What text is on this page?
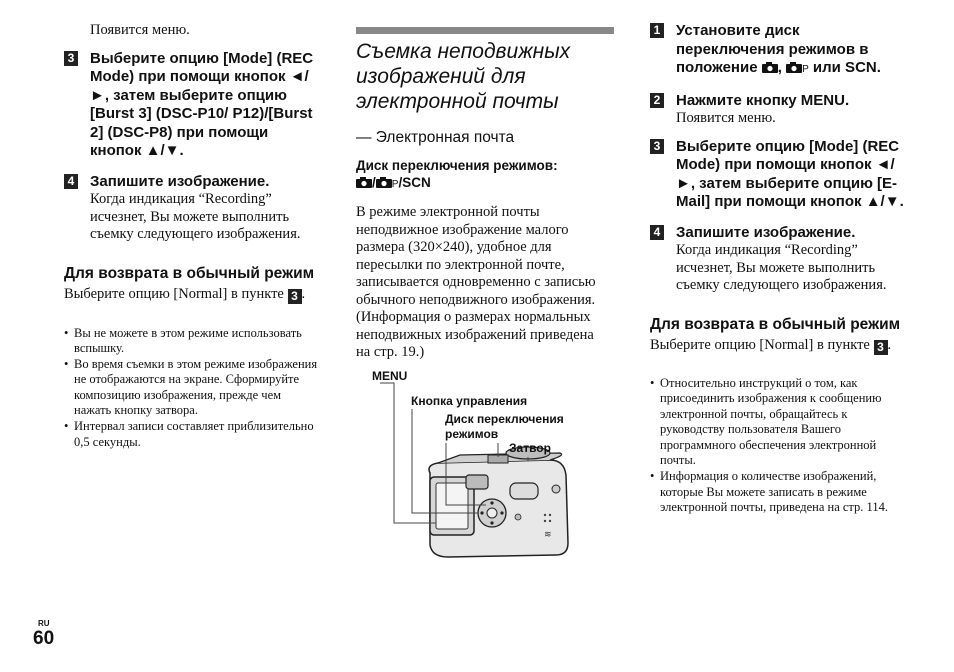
Появится меню.
3 Выберите опцию [Mode] (REC Mode) при помощи кнопок ◄/►, затем выберите опцию [Burst 3] (DSC-P10/ P12)/[Burst 2] (DSC-P8) при помощи кнопок ▲/▼.
4 Запишите изображение.
Когда индикация “Recording” исчезнет, Вы можете выполнить съемку следующего изображения.
Для возврата в обычный режим
Выберите опцию [Normal] в пункте 3 .
• Вы не можете в этом режиме использовать вспышку.
• Во время съемки в этом режиме изображения не отображаются на экране. Сформируйте композицию изображения, прежде чем нажать кнопку затвора.
• Интервал записи составляет приблизительно 0,5 секунды.
RU
60
Съемка неподвижных изображений для электронной почты
— Электронная почта
Диск переключения режимов:
/ P/SCN
В режиме электронной почты неподвижное изображение малого размера (320×240), удобное для пересылки по электронной почте, записывается одновременно с записью обычного неподвижного изображения. (Информация о размерах нормальных неподвижных изображений приведена на стр. 19.)
≋
MENU
Кнопка управления
Диск переключения режимов
Затвор
1 Установите диск переключения режимов в положение ,
P или SCN.
2 Нажмите кнопку MENU.
Появится меню.
3 Выберите опцию [Mode] (REC Mode) при помощи кнопок ◄/►, затем выберите опцию [E-Mail] при помощи кнопок ▲/▼.
4 Запишите изображение.
Когда индикация “Recording” исчезнет, Вы можете выполнить съемку следующего изображения.
Для возврата в обычный режим
Выберите опцию [Normal] в пункте 3 .
• Относительно инструкций о том, как присоединить изображения к сообщению электронной почты, обращайтесь к руководству пользователя Вашего программного обеспечения электронной почты.
• Информация о количестве изображений, которые Вы можете записать в режиме электронной почты, приведена на стр. 114.
